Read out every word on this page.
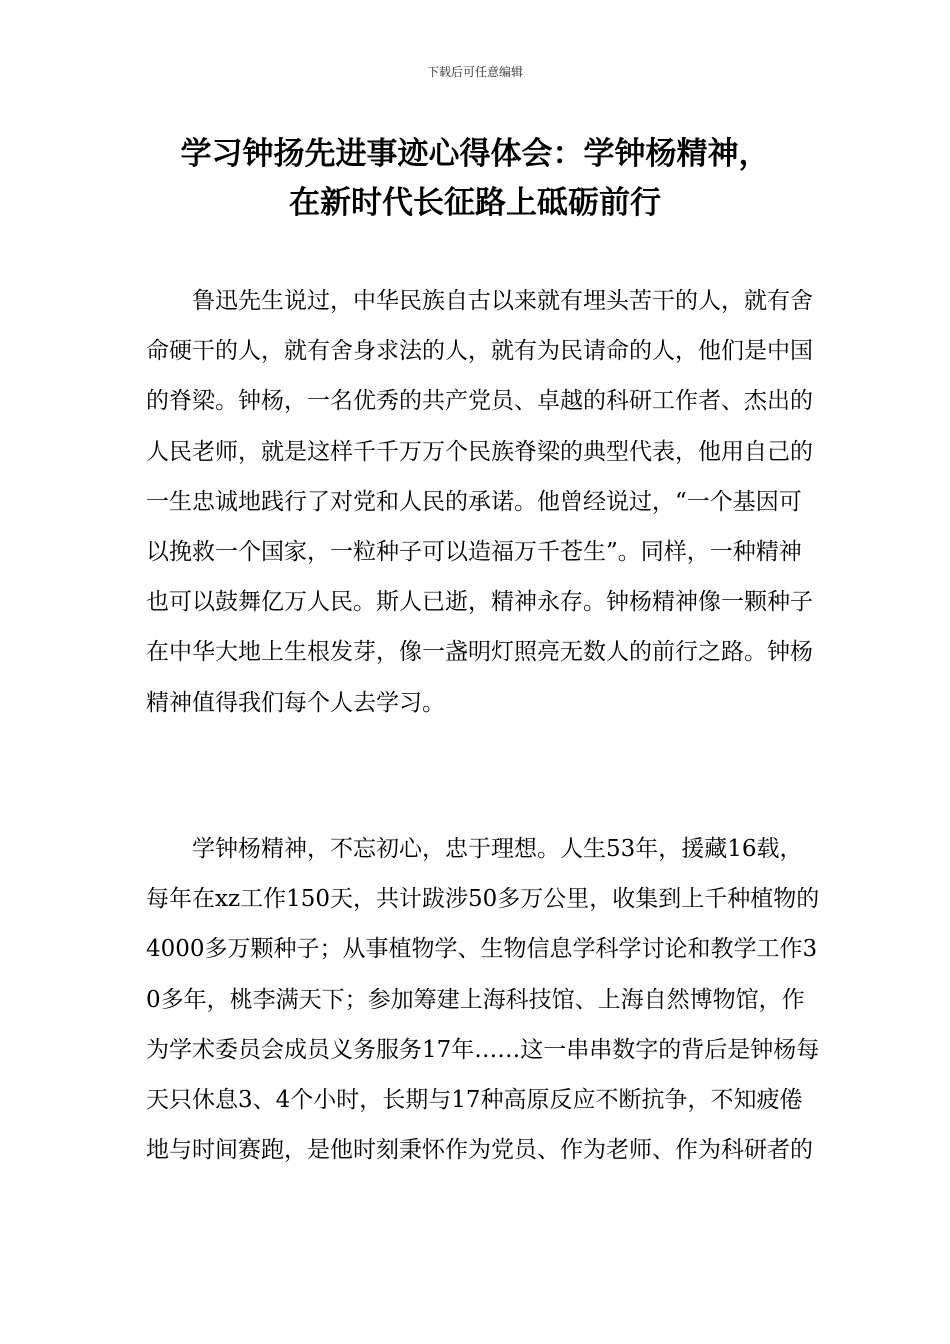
下载后可任意编辑
学习钟扬先进事迹心得体会：学钟杨精神，
在新时代长征路上砥砺前行

鲁迅先生说过，中华民族自古以来就有埋头苦干的人，就有舍命硬干的人，就有舍身求法的人，就有为民请命的人，他们是中国的脊梁。钟杨，一名优秀的共产党员、卓越的科研工作者、杰出的人民老师，就是这样千千万万个民族脊梁的典型代表，他用自己的一生忠诚地践行了对党和人民的承诺。他曾经说过，“一个基因可以挽救一个国家，一粒种子可以造福万千苍生”。同样，一种精神也可以鼓舞亿万人民。斯人已逝，精神永存。钟杨精神像一颗种子在中华大地上生根发芽，像一盏明灯照亮无数人的前行之路。钟杨精神值得我们每个人去学习。

学钟杨精神，不忘初心，忠于理想。人生53年，援藏16载，每年在xz工作150天，共计跋涉50多万公里，收集到上千种植物的4000多万颗种子；从事植物学、生物信息学科学讨论和教学工作30多年，桃李满天下；参加筹建上海科技馆、上海自然博物馆，作为学术委员会成员义务服务17年……这一串串数字的背后是钟杨每天只休息3、4个小时，长期与17种高原反应不断抗争，不知疲倦地与时间赛跑，是他时刻秉怀作为党员、作为老师、作为科研者的
